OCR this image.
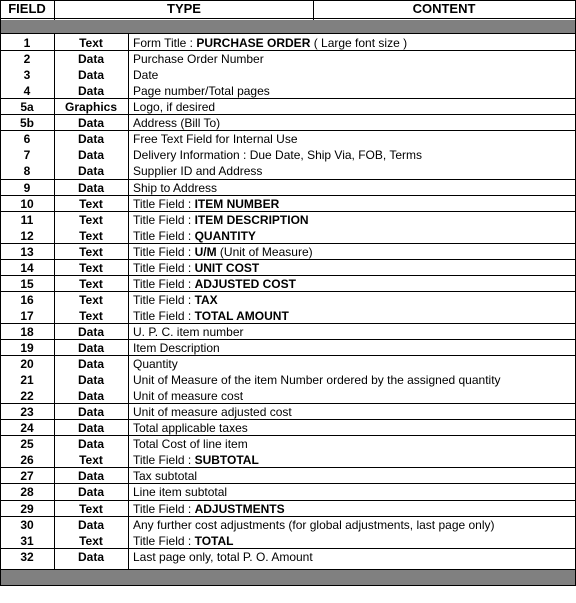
FIELD	TYPE	CONTENT
1	Text	Form Title : PURCHASE ORDER ( Large font size )
2	Data	Purchase Order Number
3	Data	Date
4	Data	Page number/Total pages
5a	Graphics	Logo, if desired
5b	Data	Address (Bill To)
6	Data	Free Text Field for Internal Use
7	Data	Delivery Information : Due Date, Ship Via, FOB, Terms
8	Data	Supplier ID and Address
9	Data	Ship to Address
10	Text	Title Field : ITEM NUMBER
11	Text	Title Field : ITEM DESCRIPTION
12	Text	Title Field : QUANTITY
13	Text	Title Field : U/M (Unit of Measure)
14	Text	Title Field : UNIT COST
15	Text	Title Field : ADJUSTED COST
16	Text	Title Field : TAX
17	Text	Title Field : TOTAL AMOUNT
18	Data	U. P. C. item number
19	Data	Item Description
20	Data	Quantity
21	Data	Unit of Measure of the item Number ordered by the assigned quantity
22	Data	Unit of measure cost
23	Data	Unit of measure adjusted cost
24	Data	Total applicable taxes
25	Data	Total Cost of line item
26	Text	Title Field : SUBTOTAL
27	Data	Tax subtotal
28	Data	Line item subtotal
29	Text	Title Field : ADJUSTMENTS
30	Data	Any further cost adjustments (for global adjustments, last page only)
31	Text	Title Field : TOTAL
32	Data	Last page only, total P. O. Amount
